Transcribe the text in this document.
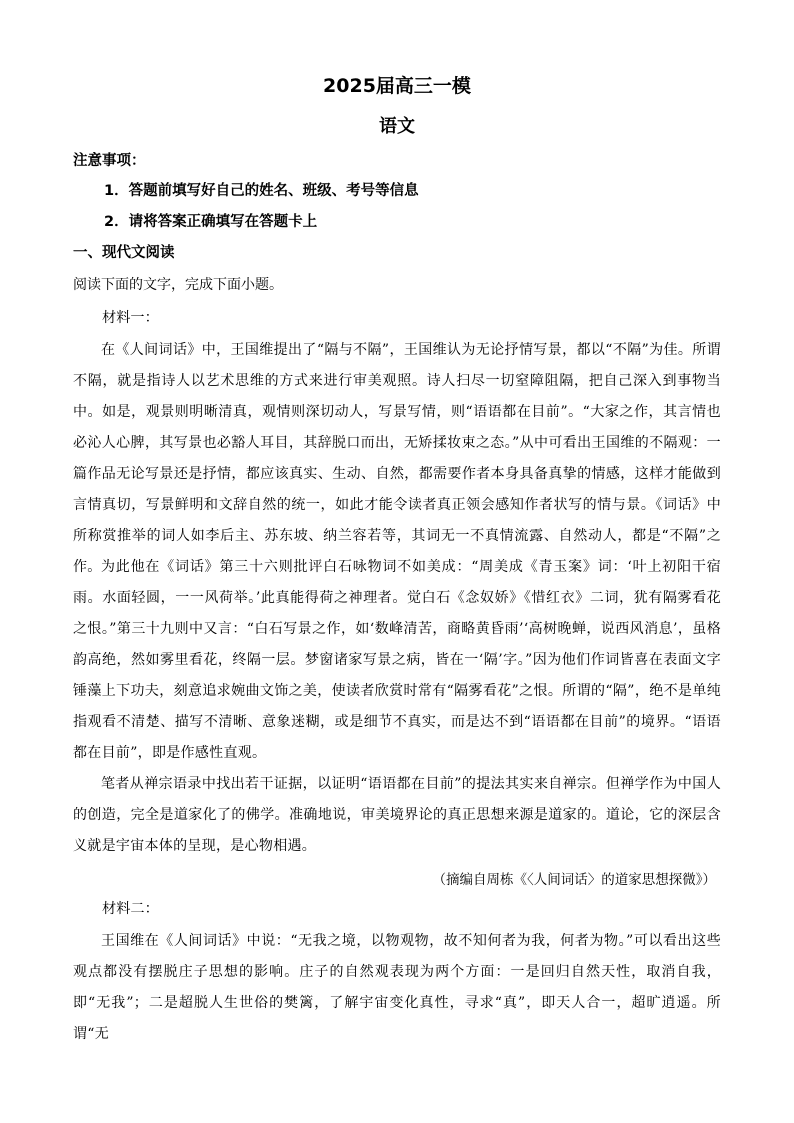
2025届高三一模
语文
注意事项：
1．答题前填写好自己的姓名、班级、考号等信息
2．请将答案正确填写在答题卡上
一、现代文阅读
阅读下面的文字，完成下面小题。
材料一：
在《人间词话》中，王国维提出了“隔与不隔”，王国维认为无论抒情写景，都以“不隔”为佳。所谓不隔，就是指诗人以艺术思维的方式来进行审美观照。诗人扫尽一切窒障阻隔，把自己深入到事物当中。如是，观景则明晰清真，观情则深切动人，写景写情，则“语语都在目前”。“大家之作，其言情也必沁人心脾，其写景也必豁人耳目，其辞脱口而出，无矫揉妆束之态。”从中可看出王国维的不隔观：一篇作品无论写景还是抒情，都应该真实、生动、自然，都需要作者本身具备真挚的情感，这样才能做到言情真切，写景鲜明和文辞自然的统一，如此才能令读者真正领会感知作者状写的情与景。《词话》中所称赏推举的词人如李后主、苏东坡、纳兰容若等，其词无一不真情流露、自然动人，都是“不隔”之作。 为此他在《词话》第三十六则批评白石咏物词不如美成：“周美成《青玉案》词：‘叶上初阳干宿雨。水面轻圆，一一风荷举。’此真能得荷之神理者。觉白石《念奴娇》《惜红衣》二词，犹有隔雾看花之恨。”第三十九则中又言：“白石写景之作，如‘数峰清苦，商略黄昏雨’‘高树晚蝉，说西风消息’，虽格韵高绝，然如雾里看花，终隔一层。梦窗诸家写景之病，皆在一‘隔’字。”因为他们作词皆喜在表面文字锤藻上下功夫，刻意追求婉曲文饰之美，使读者欣赏时常有“隔雾看花”之恨。所谓的“隔”，绝不是单纯指观看不清楚、描写不清晰、意象迷糊，或是细节不真实，而是达不到“语语都在目前”的境界。“语语都在目前”，即是作感性直观。
笔者从禅宗语录中找出若干证据，以证明“语语都在目前”的提法其实来自禅宗。但禅学作为中国人的创造，完全是道家化了的佛学。准确地说，审美境界论的真正思想来源是道家的。道论，它的深层含义就是宇宙本体的呈现，是心物相遇。
（摘编自周栋《〈人间词话〉的道家思想探微》）
材料二：
王国维在《人间词话》中说：“无我之境，以物观物，故不知何者为我，何者为物。”可以看出这些观点都没有摆脱庄子思想的影响。庄子的自然观表现为两个方面：一是回归自然天性，取消自我，即“无我”；二是超脱人生世俗的樊篱，了解宇宙变化真性，寻求“真”，即天人合一，超旷逍遥。所谓“无
